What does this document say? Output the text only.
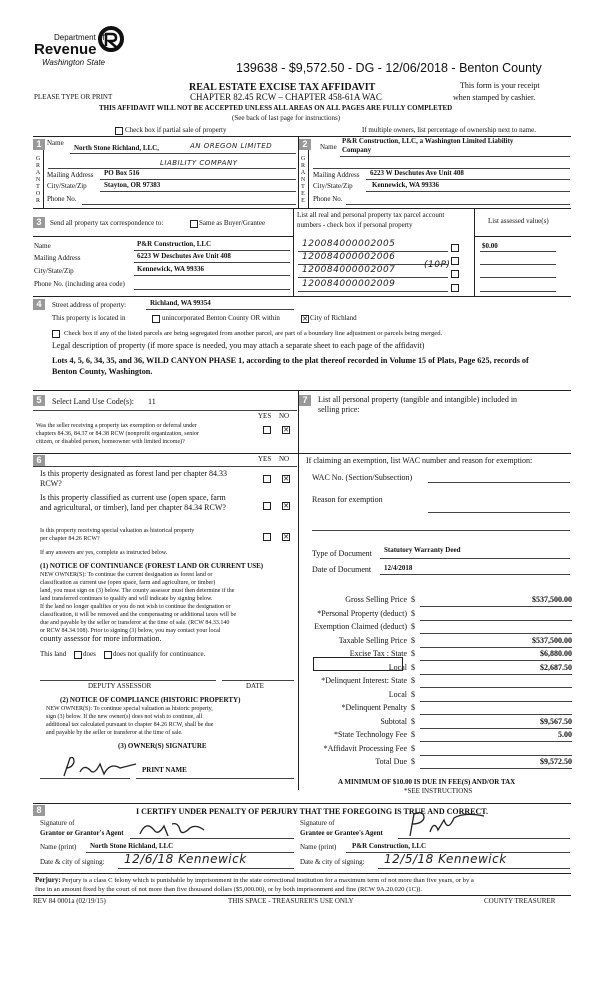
Department of
Revenue
Washington State	139638 - $9,572.50 - DG - 12/06/2018 - Benton County
REAL ESTATE EXCISE TAX AFFIDAVIT
CHAPTER 82.45 RCW – CHAPTER 458-61A WAC
PLEASE TYPE OR PRINT
This form is your receipt
when stamped by cashier.
THIS AFFIDAVIT WILL NOT BE ACCEPTED UNLESS ALL AREAS ON ALL PAGES ARE FULLY COMPLETED
(See back of last page for instructions)
Check box if partial sale of property	If multiple owners, list percentage of ownership next to name.
1
G
R
A
N
T
O
R
Name
North Stone Richland, LLC,	AN OREGON LIMITED
LIABILITY COMPANY
Mailing Address PO Box 516
City/State/Zip Stayton, OR 97383
Phone No.
2
G
R
A
N
T
E
E
Name
P&R Construction, LLC, a Washington Limited Liability
Company
Mailing Address 6223 W Deschutes Ave Unit 408
City/State/Zip	Kennewick, WA 99336
Phone No.
3	Send all property tax correspondence to:	Same as Buyer/Grantee
List all real and personal property tax parcel account
numbers - check box if personal property	List assessed value(s)
Name	P&R Construction, LLC
Mailing Address	6223 W Deschutes Ave Unit 408
City/State/Zip	Kennewick, WA 99336
Phone No. (including area code)
120084000002005
120084000002006
120084000002007
120084000002009
(10P)
$0.00
4	Street address of property:	Richland, WA 99354
This property is located in	unincorporated Benton County OR within	✕ City of Richland
Check box if any of the listed parcels are being segregated from another parcel, are part of a boundary line adjustment or parcels being merged.
Legal description of property (if more space is needed, you may attach a separate sheet to each page of the affidavit)
Lots 4, 5, 6, 34, 35, and 36, WILD CANYON PHASE 1, according to the plat thereof recorded in Volume 15 of Plats, Page 625, records of
Benton County, Washington.
5	Select Land Use Code(s): 11
YES NO
Was the seller receiving a property tax exemption or deferral under
chapters 84.36, 84.37 or 84.38 RCW (nonprofit organization, senior
citizen, or disabled person, homeowner with limited income)?
✕
7	List all personal property (tangible and intangible) included in
selling price:
6	YES NO
Is this property designated as forest land per chapter 84.33
RCW?	✕
Is this property classified as current use (open space, farm
and agricultural, or timber), land per chapter 84.34 RCW?	✕
Is this property receiving special valuation as historical property
per chapter 84.26 RCW?	✕
If any answers are yes, complete as instructed below.
(1) NOTICE OF CONTINUANCE (FOREST LAND OR CURRENT USE)
NEW OWNER(S): To continue the current designation as forest land or
classification as current use (open space, farm and agriculture, or timber)
land, you must sign on (3) below. The county assessor must then determine if the
land transferred continues to qualify and will indicate by signing below.
If the land no longer qualifies or you do not wish to continue the designation or
classification, it will be removed and the compensating or additional taxes will be
due and payable by the seller or transferor at the time of sale. (RCW 84.33.140
or RCW 84.34.108). Prior to signing (3) below, you may contact your local
county assessor for more information.
This land does does not qualify for continuance.
DEPUTY ASSESSOR	DATE
(2) NOTICE OF COMPLIANCE (HISTORIC PROPERTY)
NEW OWNER(S): To continue special valuation as historic property,
sign (3) below. If the new owner(s) does not wish to continue, all
additional tax calculated pursuant to chapter 84.26 RCW, shall be due
and payable by the seller or transferor at the time of sale.
(3) OWNER(S) SIGNATURE
PRINT NAME
If claiming an exemption, list WAC number and reason for exemption:
WAC No. (Section/Subsection)
Reason for exemption
Type of Document Statutory Warranty Deed
Date of Document 12/4/2018
Gross Selling Price $	$537,500.00
*Personal Property (deduct) $
Exemption Claimed (deduct) $
Taxable Selling Price $	$537,500.00
Excise Tax : State $	$6,880.00
Local $	$2,687.50
*Delinquent Interest: State $
Local $
*Delinquent Penalty $
Subtotal $	$9,567.50
*State Technology Fee $	5.00
*Affidavit Processing Fee $
Total Due $	$9,572.50
A MINIMUM OF $10.00 IS DUE IN FEE(S) AND/OR TAX
*SEE INSTRUCTIONS
8	I CERTIFY UNDER PENALTY OF PERJURY THAT THE FOREGOING IS TRUE AND CORRECT.
Signature of
Grantor or Grantor's Agent
Signature of
Grantee or Grantee's Agent
Name (print) North Stone Richland, LLC	Name (print) P&R Construction, LLC
Date & city of signing: 12/6/18 Kennewick	Date & city of signing: 12/5/18 Kennewick
Perjury: Perjury is a class C felony which is punishable by imprisonment in the state correctional institution for a maximum term of not more than five years, or by a
fine in an amount fixed by the court of not more than five thousand dollars ($5,000.00), or by both imprisonment and fine (RCW 9A.20.020 (1C)).
REV 84 0001a (02/19/15)	THIS SPACE - TREASURER'S USE ONLY	COUNTY TREASURER
